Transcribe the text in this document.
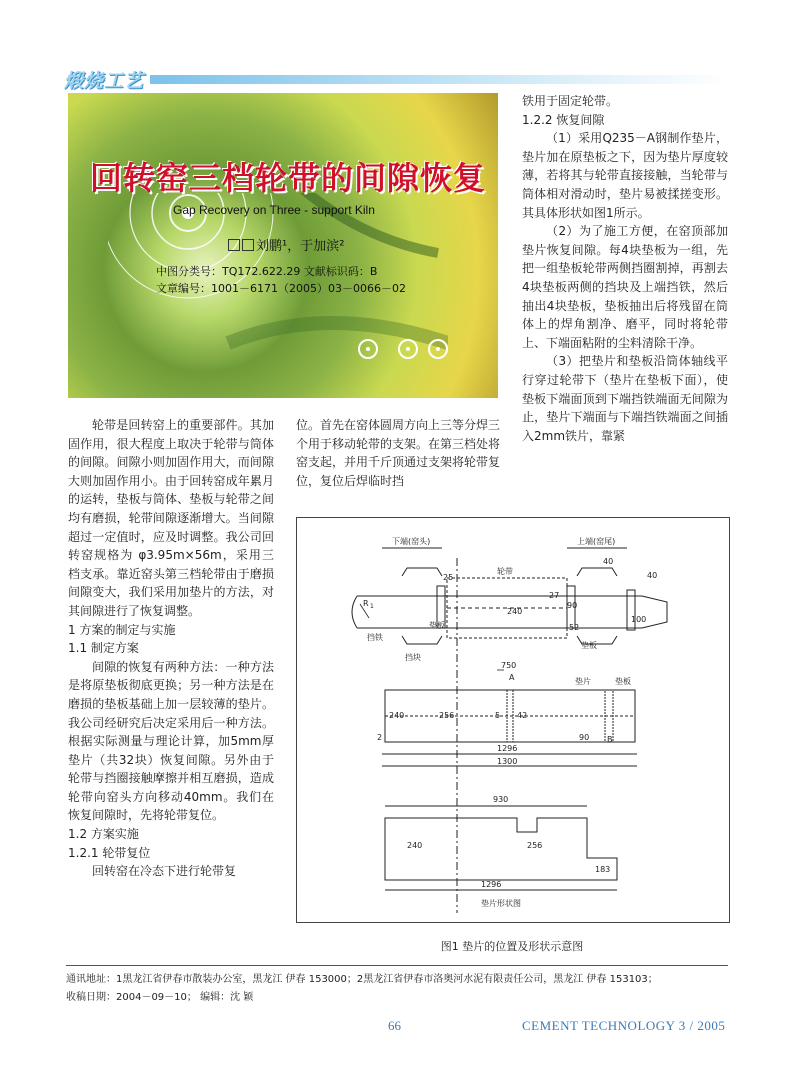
煅烧工艺
回转窑三档轮带的间隙恢复
Gap Recovery on Three - support Kiln
刘鹏¹，于加滨²
中图分类号：TQ172.622.29 文献标识码：B
文章编号：1001－6171（2005）03－0066－02

轮带是回转窑上的重要部件。其加固作用，很大程度上取决于轮带与筒体的间隙。间隙小则加固作用大，而间隙大则加固作用小。由于回转窑成年累月的运转，垫板与筒体、垫板与轮带之间均有磨损，轮带间隙逐渐增大。当间隙超过一定值时，应及时调整。我公司回转窑规格为 φ3.95m×56m，采用三档支承。靠近窑头第三档轮带由于磨损间隙变大，我们采用加垫片的方法，对其间隙进行了恢复调整。

1 方案的制定与实施

1.1 制定方案

间隙的恢复有两种方法：一种方法是将原垫板彻底更换；另一种方法是在磨损的垫板基础上加一层较薄的垫片。我公司经研究后决定采用后一种方法。根据实际测量与理论计算，加5mm厚垫片（共32块）恢复间隙。另外由于轮带与挡圈接触摩擦并相互磨损，造成轮带向窑头方向移动40mm。我们在恢复间隙时，先将轮带复位。

1.2 方案实施

1.2.1 轮带复位

回转窑在冷态下进行轮带复

位。首先在窑体圆周方向上三等分焊三个用于移动轮带的支架。在第三档处将窑支起，并用千斤顶通过支架将轮带复位，复位后焊临时挡

铁用于固定轮带。

1.2.2 恢复间隙

（1）采用Q235－A钢制作垫片，垫片加在原垫板之下，因为垫片厚度较薄，若将其与轮带直接接触，当轮带与筒体相对滑动时，垫片易被揉搓变形。其具体形状如图1所示。

（2）为了施工方便，在窑顶部加垫片恢复间隙。每4块垫板为一组，先把一组垫板轮带两侧挡圈割掉，再割去4块垫板两侧的挡块及上端挡铁，然后抽出4块垫板，垫板抽出后将残留在筒体上的焊角割净、磨平，同时将轮带上、下端面粘附的尘料清除干净。

（3）把垫片和垫板沿筒体轴线平行穿过轮带下（垫片在垫板下面），使垫板下端面顶到下端挡铁端面无间隙为止，垫片下端面与下端挡铁端面之间插入2mm铁片，靠紧

下端(窑头)	上端(窑尾)
轮带
垫板
挡块
挡铁
垫板
垫片	垫板
40
40
25
27
240
100
52
90
R 1
750
A
240	256	5 42
2	90 B
1296
1300
930
240	256
183
1296
垫片形状图
图1 垫片的位置及形状示意图
通讯地址：1黑龙江省伊春市散装办公室，黑龙江 伊春 153000；2黑龙江省伊春市洛奥河水泥有限责任公司，黑龙江 伊春 153103；
收稿日期：2004－09－10； 编辑：沈 颖
66	CEMENT TECHNOLOGY 3 / 2005
